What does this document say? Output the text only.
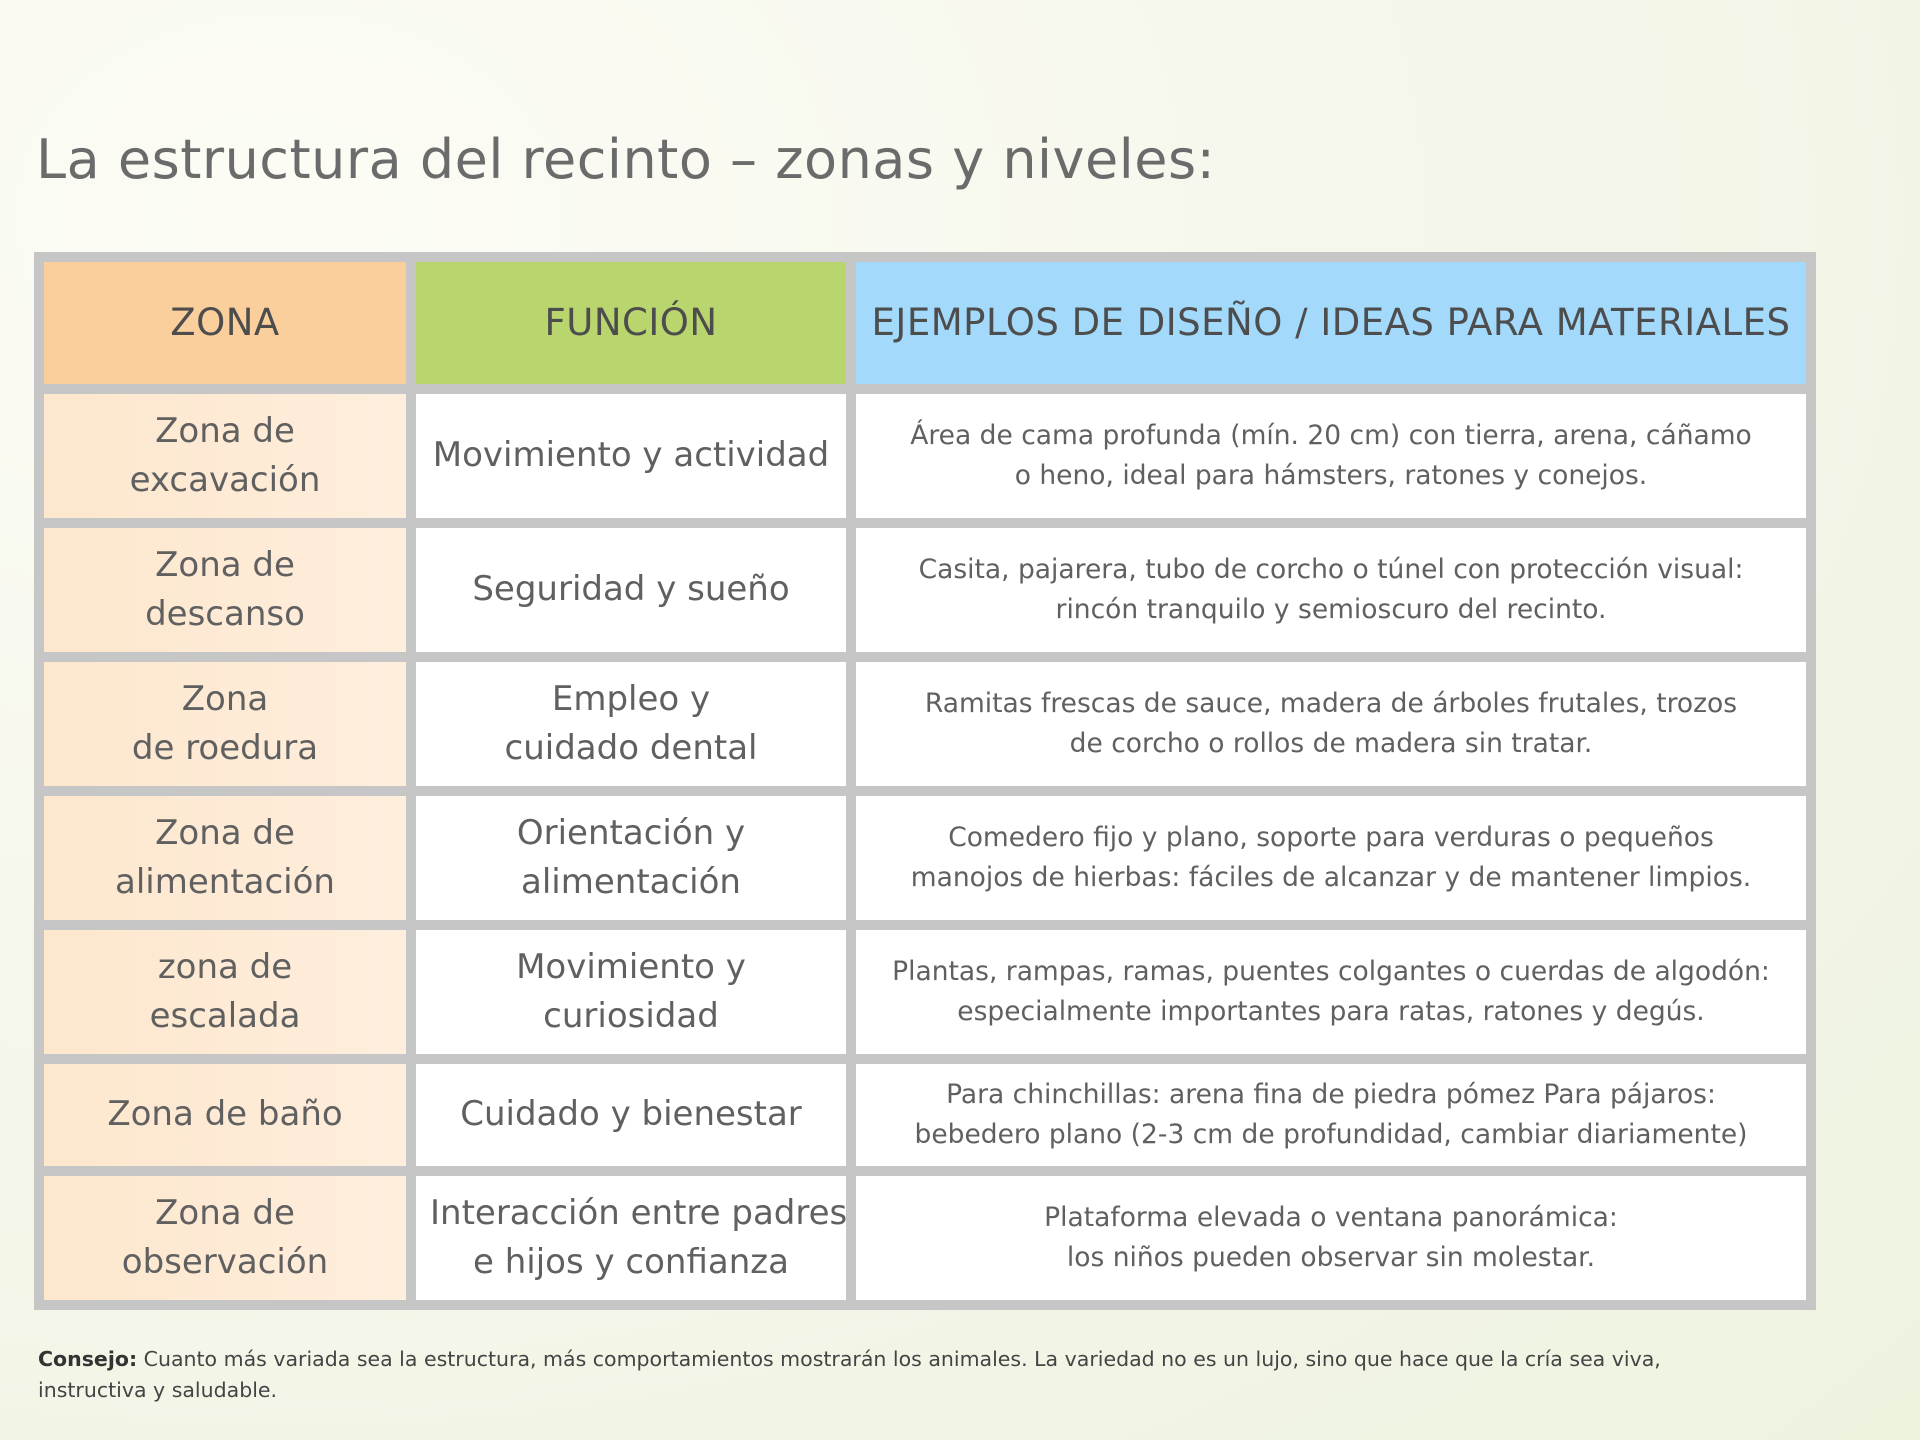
La estructura del recinto – zonas y niveles:
ZONA	FUNCIÓN	EJEMPLOS DE DISEÑO / IDEAS PARA MATERIALES

Zona de
excavación	Movimiento y actividad	Área de cama profunda (mín. 20 cm) con tierra, arena, cáñamo
o heno, ideal para hámsters, ratones y conejos.

Zona de
descanso	Seguridad y sueño	Casita, pajarera, tubo de corcho o túnel con protección visual:
rincón tranquilo y semioscuro del recinto.

Zona
de roedura	Empleo y
cuidado dental	Ramitas frescas de sauce, madera de árboles frutales, trozos
de corcho o rollos de madera sin tratar.

Zona de
alimentación	Orientación y
alimentación	Comedero fijo y plano, soporte para verduras o pequeños
manojos de hierbas: fáciles de alcanzar y de mantener limpios.

zona de
escalada	Movimiento y
curiosidad	Plantas, rampas, ramas, puentes colgantes o cuerdas de algodón:
especialmente importantes para ratas, ratones y degús.

Zona de baño	Cuidado y bienestar	Para chinchillas: arena fina de piedra pómez Para pájaros:
bebedero plano (2-3 cm de profundidad, cambiar diariamente)

Zona de
observación	Interacción entre padres
e hijos y confianza	Plataforma elevada o ventana panorámica:
los niños pueden observar sin molestar.
Consejo: Cuanto más variada sea la estructura, más comportamientos mostrarán los animales. La variedad no es un lujo, sino que hace que la cría sea viva, instructiva y saludable.
